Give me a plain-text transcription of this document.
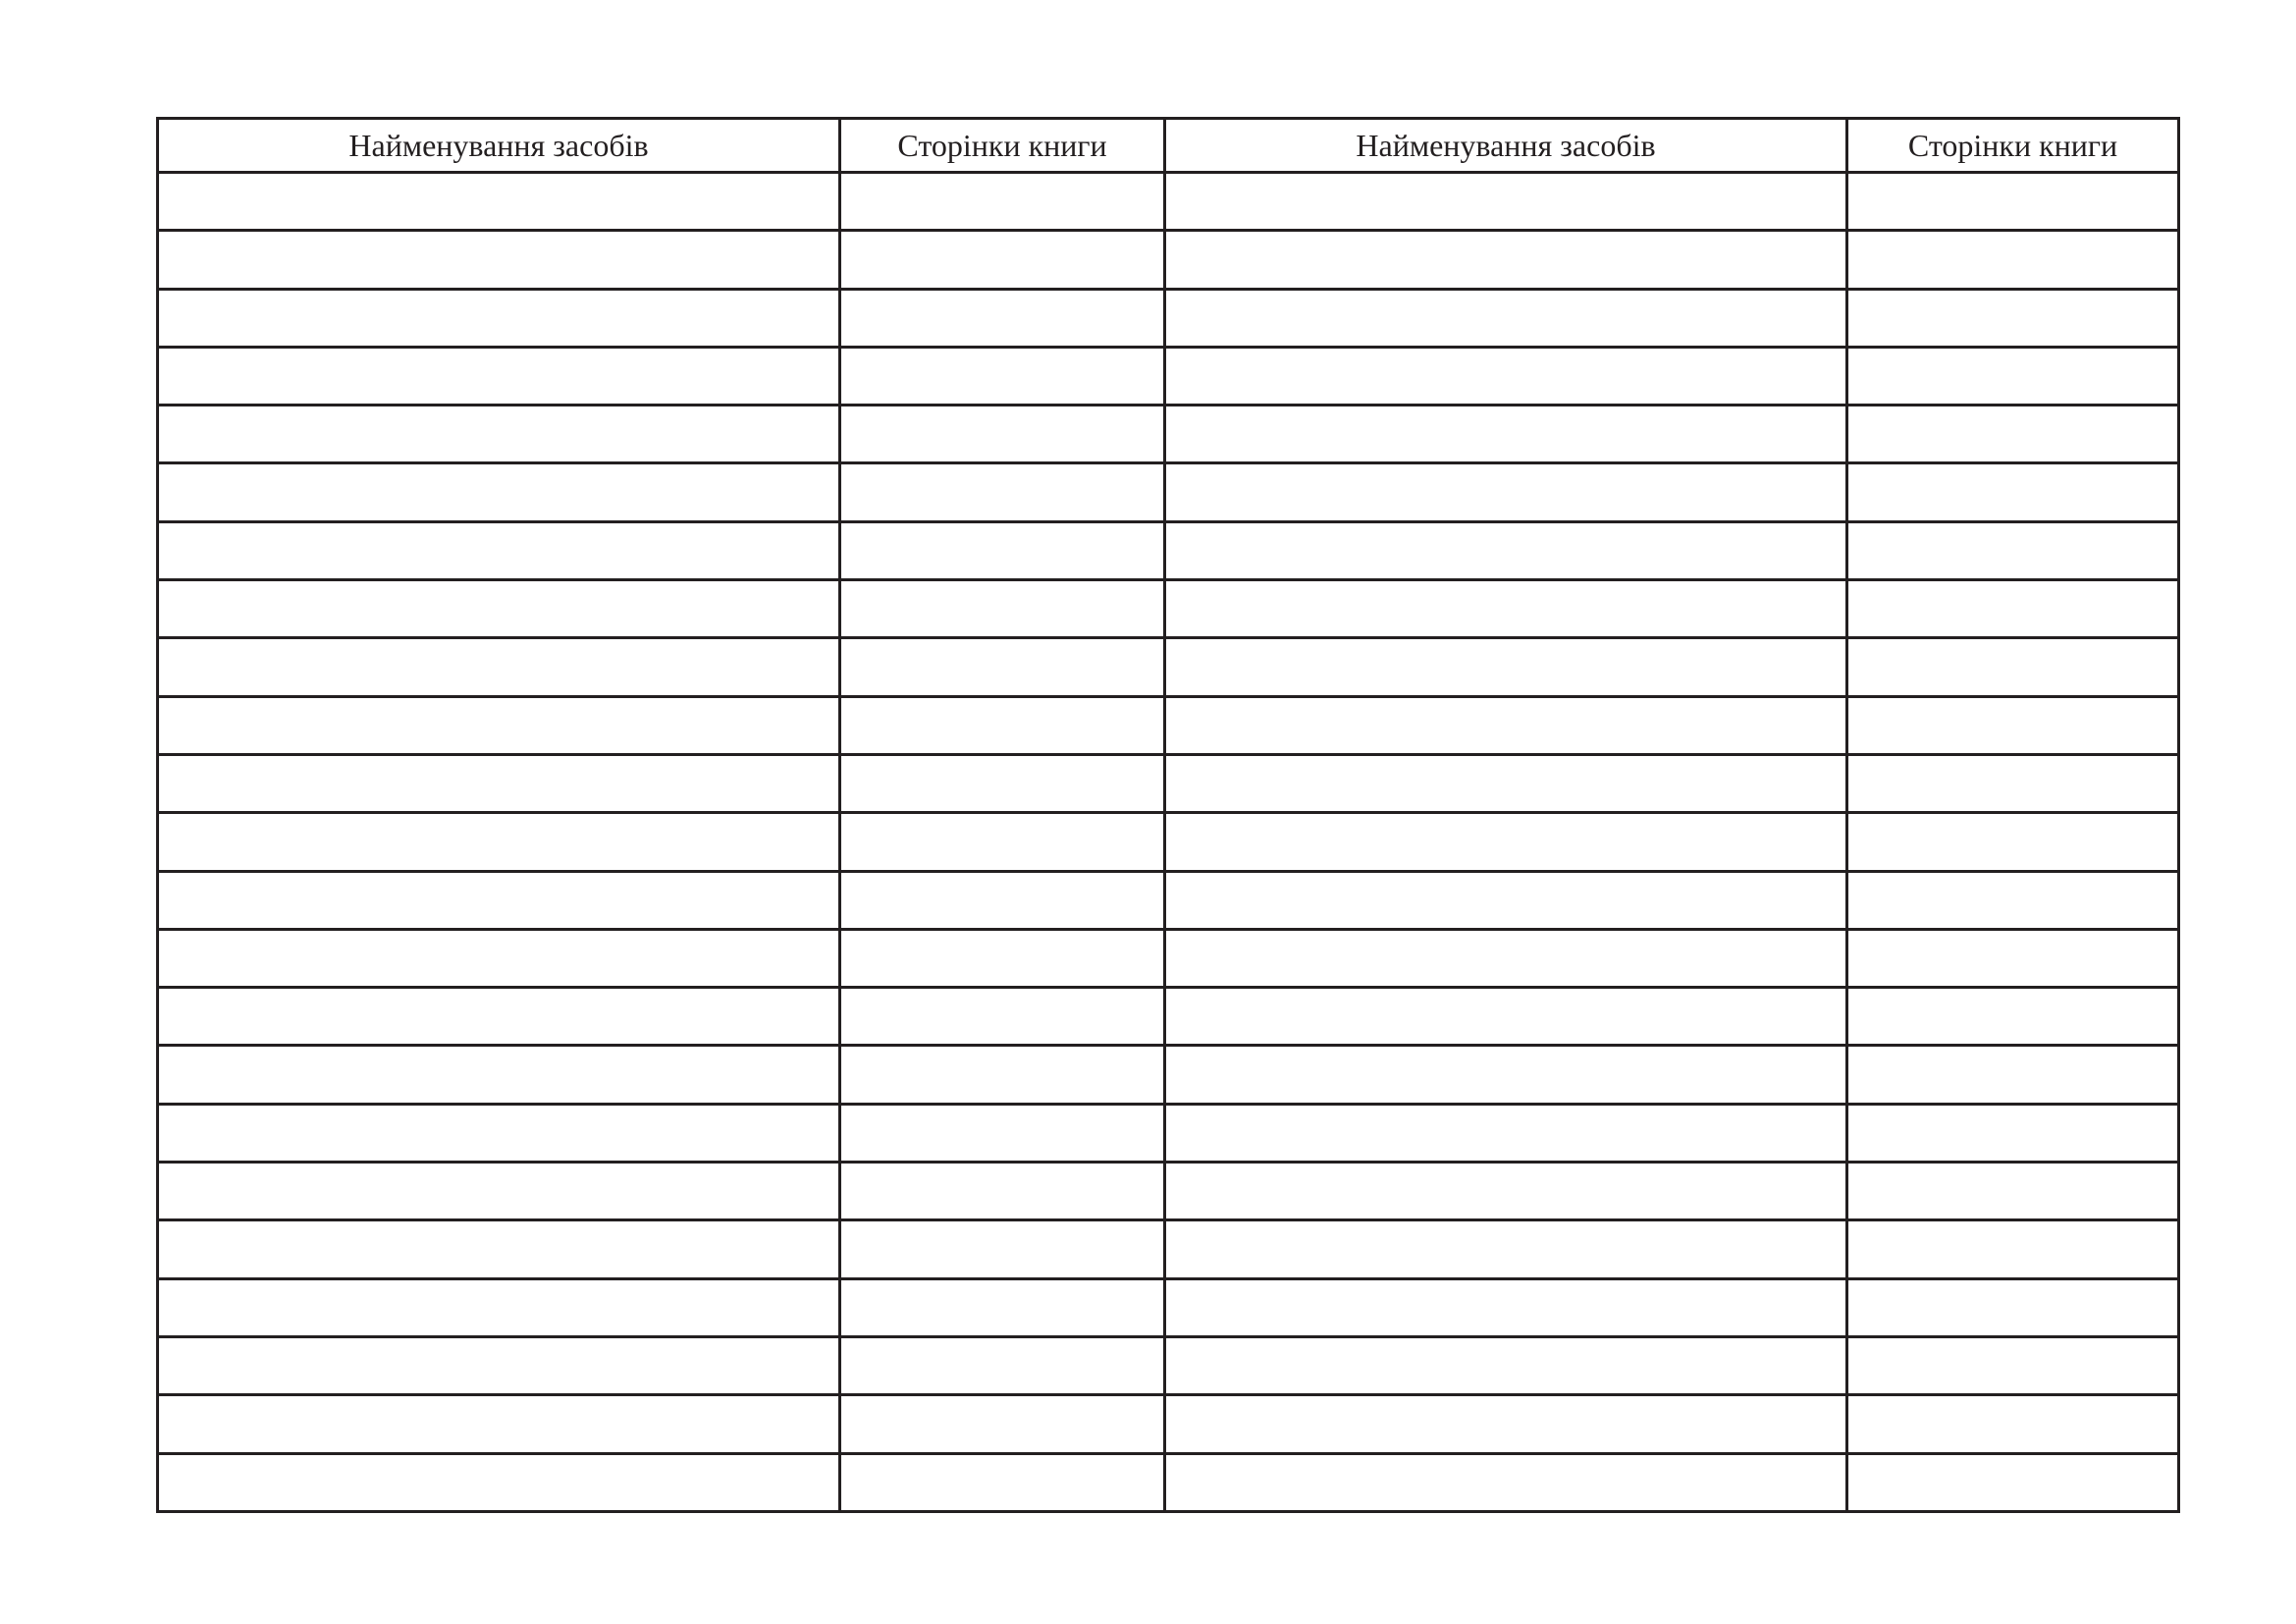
Найменування засобів	Сторінки книги	Найменування засобів	Сторінки книги
